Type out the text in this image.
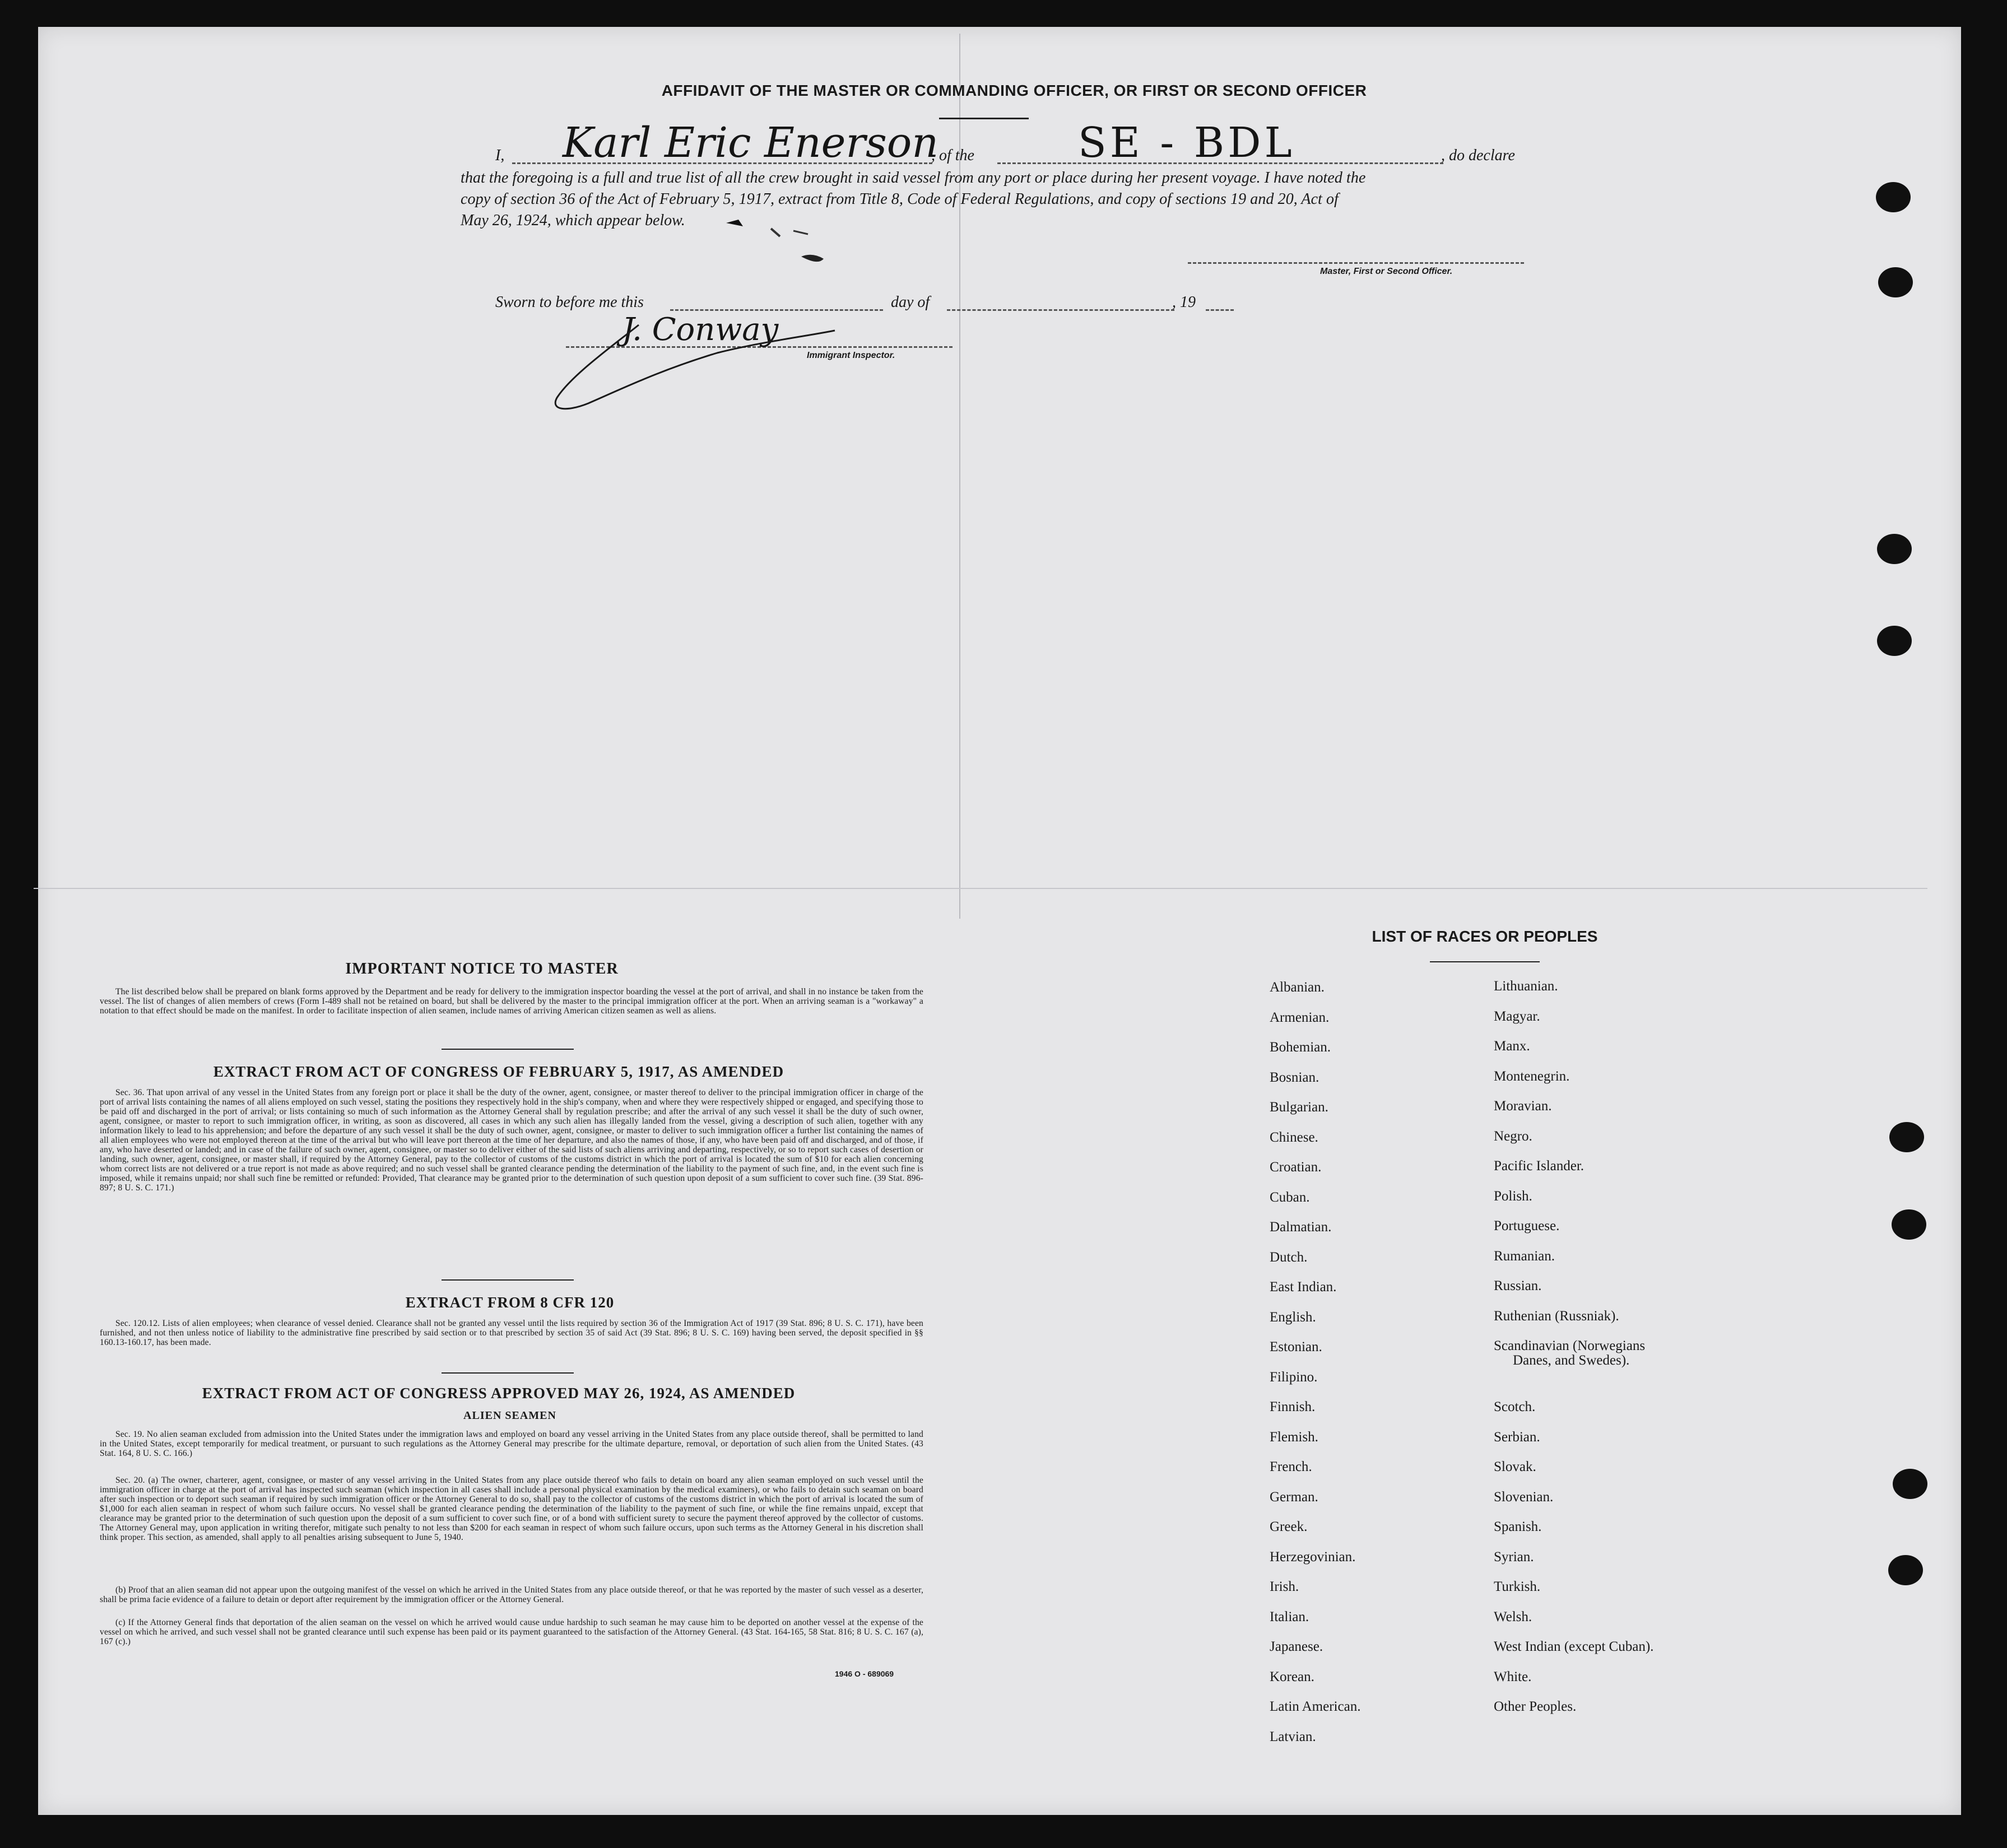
AFFIDAVIT OF THE MASTER OR COMMANDING OFFICER, OR FIRST OR SECOND OFFICER
I, Karl Eric Enerson
, of the	SE - BDL	, do declare
that the foregoing is a full and true list of all the crew brought in said vessel from any port or place during her present voyage. I have noted the
copy of section 36 of the Act of February 5, 1917, extract from Title 8, Code of Federal Regulations, and copy of sections 19 and 20, Act of
May 26, 1924, which appear below.
Master, First or Second Officer.
Sworn to before me this	day of	, 19
J. Conway
Immigrant Inspector.
IMPORTANT NOTICE TO MASTER
The list described below shall be prepared on blank forms approved by the Department and be ready for delivery to the immigration inspector boarding the vessel at the port of arrival, and shall in no instance be taken from the vessel. The list of changes of alien members of crews (Form I-489 shall not be retained on board, but shall be delivered by the master to the principal immigration officer at the port. When an arriving seaman is a "workaway" a notation to that effect should be made on the manifest. In order to facilitate inspection of alien seamen, include names of arriving American citizen seamen as well as aliens.
EXTRACT FROM ACT OF CONGRESS OF FEBRUARY 5, 1917, AS AMENDED
Sec. 36. That upon arrival of any vessel in the United States from any foreign port or place it shall be the duty of the owner, agent, consignee, or master thereof to deliver to the principal immigration officer in charge of the port of arrival lists containing the names of all aliens employed on such vessel, stating the positions they respectively hold in the ship's company, when and where they were respectively shipped or engaged, and specifying those to be paid off and discharged in the port of arrival; or lists containing so much of such information as the Attorney General shall by regulation prescribe; and after the arrival of any such vessel it shall be the duty of such owner, agent, consignee, or master to report to such immigration officer, in writing, as soon as discovered, all cases in which any such alien has illegally landed from the vessel, giving a description of such alien, together with any information likely to lead to his apprehension; and before the departure of any such vessel it shall be the duty of such owner, agent, consignee, or master to deliver to such immigration officer a further list containing the names of all alien employees who were not employed thereon at the time of the arrival but who will leave port thereon at the time of her departure, and also the names of those, if any, who have been paid off and discharged, and of those, if any, who have deserted or landed; and in case of the failure of such owner, agent, consignee, or master so to deliver either of the said lists of such aliens arriving and departing, respectively, or so to report such cases of desertion or landing, such owner, agent, consignee, or master shall, if required by the Attorney General, pay to the collector of customs of the customs district in which the port of arrival is located the sum of $10 for each alien concerning whom correct lists are not delivered or a true report is not made as above required; and no such vessel shall be granted clearance pending the determination of the liability to the payment of such fine, and, in the event such fine is imposed, while it remains unpaid; nor shall such fine be remitted or refunded: Provided, That clearance may be granted prior to the determination of such question upon deposit of a sum sufficient to cover such fine. (39 Stat. 896-897; 8 U. S. C. 171.)
EXTRACT FROM 8 CFR 120
Sec. 120.12. Lists of alien employees; when clearance of vessel denied. Clearance shall not be granted any vessel until the lists required by section 36 of the Immigration Act of 1917 (39 Stat. 896; 8 U. S. C. 171), have been furnished, and not then unless notice of liability to the administrative fine prescribed by said section or to that prescribed by section 35 of said Act (39 Stat. 896; 8 U. S. C. 169) having been served, the deposit specified in §§ 160.13-160.17, has been made.
EXTRACT FROM ACT OF CONGRESS APPROVED MAY 26, 1924, AS AMENDED
ALIEN SEAMEN
Sec. 19. No alien seaman excluded from admission into the United States under the immigration laws and employed on board any vessel arriving in the United States from any place outside thereof, shall be permitted to land in the United States, except temporarily for medical treatment, or pursuant to such regulations as the Attorney General may prescribe for the ultimate departure, removal, or deportation of such alien from the United States. (43 Stat. 164, 8 U. S. C. 166.)
Sec. 20. (a) The owner, charterer, agent, consignee, or master of any vessel arriving in the United States from any place outside thereof who fails to detain on board any alien seaman employed on such vessel until the immigration officer in charge at the port of arrival has inspected such seaman (which inspection in all cases shall include a personal physical examination by the medical examiners), or who fails to detain such seaman on board after such inspection or to deport such seaman if required by such immigration officer or the Attorney General to do so, shall pay to the collector of customs of the customs district in which the port of arrival is located the sum of $1,000 for each alien seaman in respect of whom such failure occurs. No vessel shall be granted clearance pending the determination of the liability to the payment of such fine, or while the fine remains unpaid, except that clearance may be granted prior to the determination of such question upon the deposit of a sum sufficient to cover such fine, or of a bond with sufficient surety to secure the payment thereof approved by the collector of customs. The Attorney General may, upon application in writing therefor, mitigate such penalty to not less than $200 for each seaman in respect of whom such failure occurs, upon such terms as the Attorney General in his discretion shall think proper. This section, as amended, shall apply to all penalties arising subsequent to June 5, 1940.
(b) Proof that an alien seaman did not appear upon the outgoing manifest of the vessel on which he arrived in the United States from any place outside thereof, or that he was reported by the master of such vessel as a deserter, shall be prima facie evidence of a failure to detain or deport after requirement by the immigration officer or the Attorney General.
(c) If the Attorney General finds that deportation of the alien seaman on the vessel on which he arrived would cause undue hardship to such seaman he may cause him to be deported on another vessel at the expense of the vessel on which he arrived, and such vessel shall not be granted clearance until such expense has been paid or its payment guaranteed to the satisfaction of the Attorney General. (43 Stat. 164-165, 58 Stat. 816; 8 U. S. C. 167 (a), 167 (c).)
1946 O - 689069
LIST OF RACES OR PEOPLES
Albanian.
Armenian.
Bohemian.
Bosnian.
Bulgarian.
Chinese.
Croatian.
Cuban.
Dalmatian.
Dutch.
East Indian.
English.
Estonian.
Filipino.
Finnish.
Flemish.
French.
German.
Greek.
Herzegovinian.
Irish.
Italian.
Japanese.
Korean.
Latin American.
Latvian.
Lithuanian.
Magyar.
Manx.
Montenegrin.
Moravian.
Negro.
Pacific Islander.
Polish.
Portuguese.
Rumanian.
Russian.
Ruthenian (Russniak).
Scandinavian (Norwegians
Danes, and Swedes).
Scotch.
Serbian.
Slovak.
Slovenian.
Spanish.
Syrian.
Turkish.
Welsh.
West Indian (except Cuban).
White.
Other Peoples.
